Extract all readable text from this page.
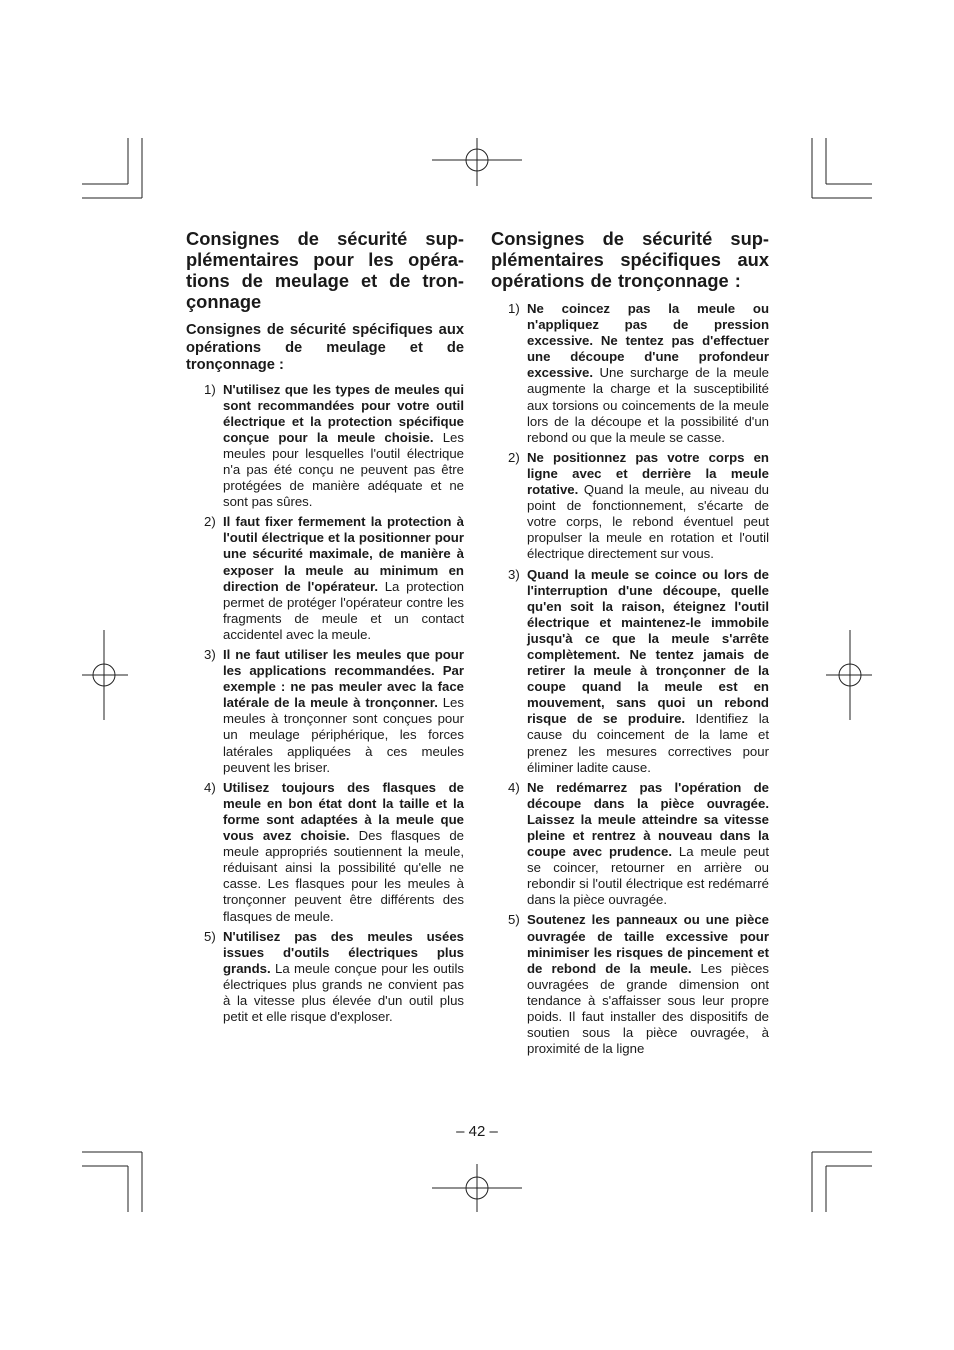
Consignes de sécurité sup-plémentaires pour les opéra-tions de meulage et de tron-çonnage
Consignes de sécurité spécifiques aux opérations de meulage et de tronçonnage :
1) N'utilisez que les types de meules qui sont recommandées pour votre outil électrique et la protection spécifique conçue pour la meule choisie. Les meules pour lesquelles l'outil électrique n'a pas été conçu ne peuvent pas être protégées de manière adéquate et ne sont pas sûres.
2) Il faut fixer fermement la protection à l'outil électrique et la positionner pour une sécurité maximale, de manière à exposer la meule au minimum en direction de l'opérateur. La protection permet de protéger l'opérateur contre les fragments de meule et un contact accidentel avec la meule.
3) Il ne faut utiliser les meules que pour les applications recommandées. Par exemple : ne pas meuler avec la face latérale de la meule à tronçonner. Les meules à tronçonner sont conçues pour un meulage périphérique, les forces latérales appliquées à ces meules peuvent les briser.
4) Utilisez toujours des flasques de meule en bon état dont la taille et la forme sont adaptées à la meule que vous avez choisie. Des flasques de meule appropriés soutiennent la meule, réduisant ainsi la possibilité qu'elle ne casse. Les flasques pour les meules à tronçonner peuvent être différents des flasques de meule.
5) N'utilisez pas des meules usées issues d'outils électriques plus grands. La meule conçue pour les outils électriques plus grands ne convient pas à la vitesse plus élevée d'un outil plus petit et elle risque d'exploser.
Consignes de sécurité sup-plémentaires spécifiques aux opérations de tronçonnage :
1) Ne coincez pas la meule ou n'appliquez pas de pression excessive. Ne tentez pas d'effectuer une découpe d'une profondeur excessive. Une surcharge de la meule augmente la charge et la susceptibilité aux torsions ou coincements de la meule lors de la découpe et la possibilité d'un rebond ou que la meule se casse.
2) Ne positionnez pas votre corps en ligne avec et derrière la meule rotative. Quand la meule, au niveau du point de fonctionnement, s'écarte de votre corps, le rebond éventuel peut propulser la meule en rotation et l'outil électrique directement sur vous.
3) Quand la meule se coince ou lors de l'interruption d'une découpe, quelle qu'en soit la raison, éteignez l'outil électrique et maintenez-le immobile jusqu'à ce que la meule s'arrête complètement. Ne tentez jamais de retirer la meule à tronçonner de la coupe quand la meule est en mouvement, sans quoi un rebond risque de se produire. Identifiez la cause du coincement de la lame et prenez les mesures correctives pour éliminer ladite cause.
4) Ne redémarrez pas l'opération de découpe dans la pièce ouvragée. Laissez la meule atteindre sa vitesse pleine et rentrez à nouveau dans la coupe avec prudence. La meule peut se coincer, retourner en arrière ou rebondir si l'outil électrique est redémarré dans la pièce ouvragée.
5) Soutenez les panneaux ou une pièce ouvragée de taille excessive pour minimiser les risques de pincement et de rebond de la meule. Les pièces ouvragées de grande dimension ont tendance à s'affaisser sous leur propre poids. Il faut installer des dispositifs de soutien sous la pièce ouvragée, à proximité de la ligne
– 42 –
